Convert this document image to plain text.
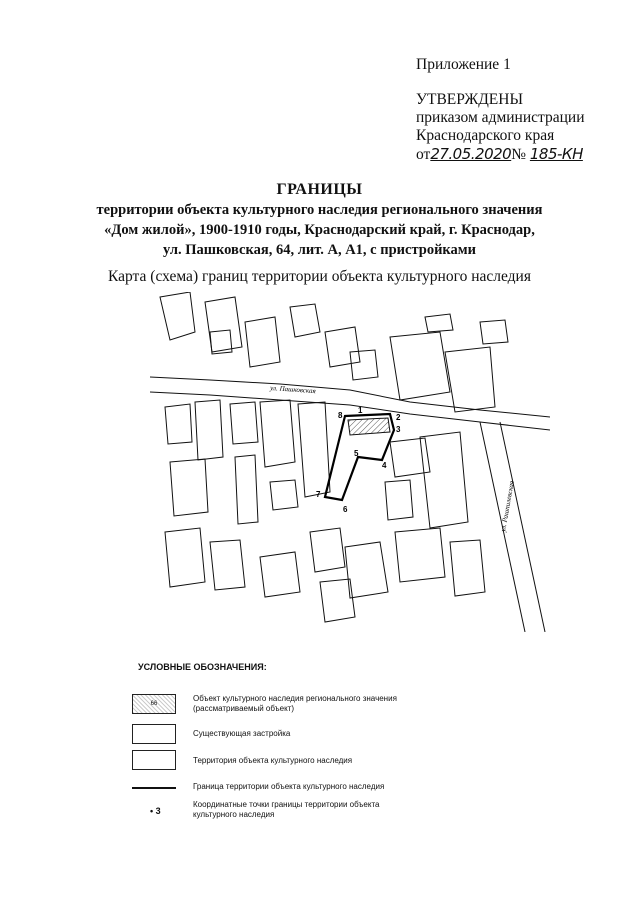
Приложение 1
УТВЕРЖДЕНЫ
приказом администрации
Краснодарского края
от27.05.2020№ 185-КН
ГРАНИЦЫ
территории объекта культурного наследия регионального значения
«Дом жилой», 1900-1910 годы, Краснодарский край, г. Краснодар,
ул. Пашковская, 64, лит. А, А1, с пристройками
Карта (схема) границ территории объекта культурного наследия
ул. Пашковская
ул. Рашпилевская
1
2
3
4
5
6
7
8
УСЛОВНЫЕ ОБОЗНАЧЕНИЯ:
66
Объект культурного наследия регионального значения (рассматриваемый объект)
Существующая застройка
Территория объекта культурного наследия
Граница территории объекта культурного наследия
• 3
Координатные точки границы территории объекта культурного наследия
